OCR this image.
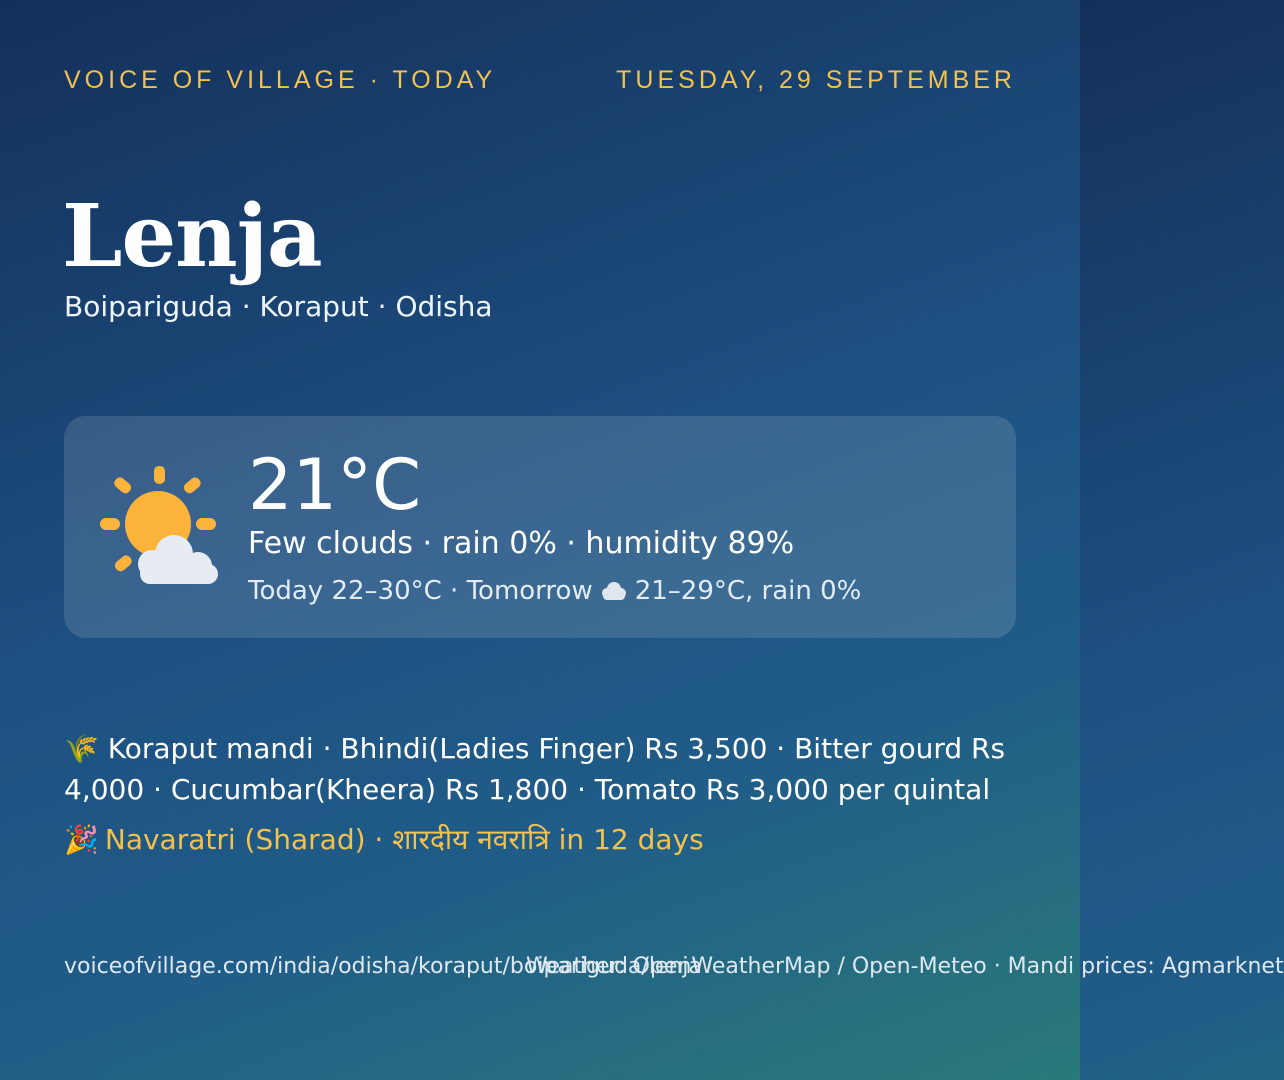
VOICE OF VILLAGE · TODAY	TUESDAY, 29 SEPTEMBER
Lenja
Boipariguda · Koraput · Odisha
21°C
Few clouds · rain 0% · humidity 89%
Today 22–30°C · Tomorrow 21–29°C, rain 0%
🌾 Koraput mandi · Bhindi(Ladies Finger) Rs 3,500 · Bitter gourd Rs 4,000 · Cucumbar(Kheera) Rs 1,800 · Tomato Rs 3,000 per quintal
🎉 Navaratri (Sharad) · शारदीय नवरात्रि in 12 days
voiceofvillage.com/india/odisha/koraput/boipariguda/lenja
Weather: OpenWeatherMap / Open-Meteo · Mandi prices: Agmarknet
